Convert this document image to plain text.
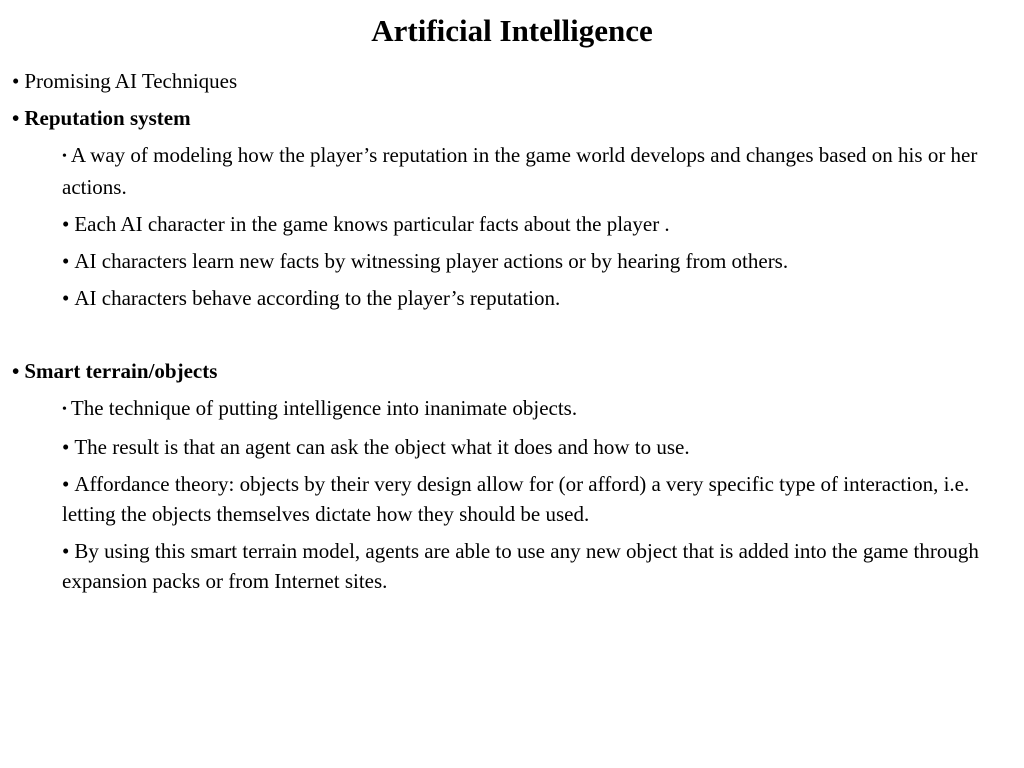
Artificial Intelligence
• Promising AI Techniques
• Reputation system
• A way of modeling how the player’s reputation in the game world develops and changes based on his or her actions.
• Each AI character in the game knows particular facts about the player .
• AI characters learn new facts by witnessing player actions or by hearing from others.
• AI characters behave according to the player’s reputation.
• Smart terrain/objects
• The technique of putting intelligence into inanimate objects.
• The result is that an agent can ask the object what it does and how to use.
• Affordance theory: objects by their very design allow for (or afford) a very specific type of interaction, i.e. letting the objects themselves dictate how they should be used.
• By using this smart terrain model, agents are able to use any new object that is added into the game through expansion packs or from Internet sites.
